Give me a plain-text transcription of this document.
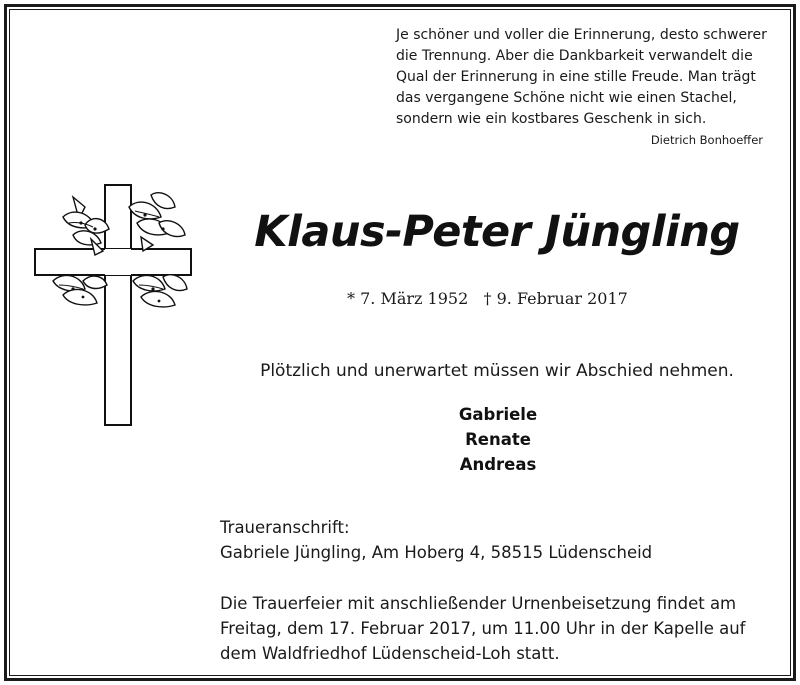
Je schöner und voller die Erinnerung, desto schwerer
die Trennung. Aber die Dankbarkeit verwandelt die
Qual der Erinnerung in eine stille Freude. Man trägt
das vergangene Schöne nicht wie einen Stachel,
sondern wie ein kostbares Geschenk in sich.
Dietrich Bonhoeffer
Klaus-Peter Jüngling
* 7. März 1952 † 9. Februar 2017
Plötzlich und unerwartet müssen wir Abschied nehmen.
Gabriele
Renate
Andreas
Traueranschrift:
Gabriele Jüngling, Am Hoberg 4, 58515 Lüdenscheid
Die Trauerfeier mit anschließender Urnenbeisetzung findet am
Freitag, dem 17. Februar 2017, um 11.00 Uhr in der Kapelle auf
dem Waldfriedhof Lüdenscheid-Loh statt.
